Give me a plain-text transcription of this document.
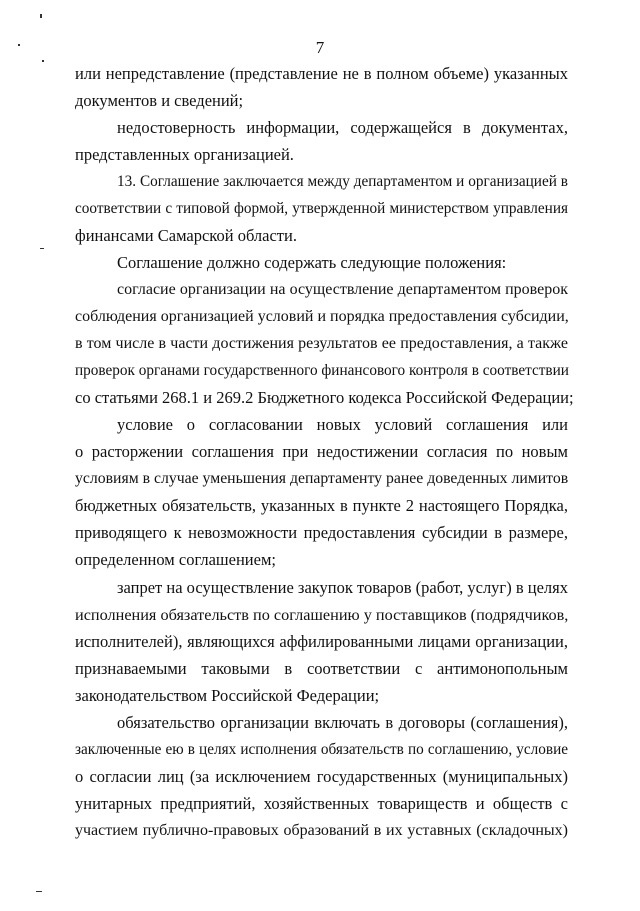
7
или непредставление (представление не в полном объеме) указанных
документов и сведений;
недостоверность информации, содержащейся в документах,
представленных организацией.
13. Соглашение заключается между департаментом и организацией в
соответствии с типовой формой, утвержденной министерством управления
финансами Самарской области.
Соглашение должно содержать следующие положения:
согласие организации на осуществление департаментом проверок
соблюдения организацией условий и порядка предоставления субсидии,
в том числе в части достижения результатов ее предоставления, а также
проверок органами государственного финансового контроля в соответствии
со статьями 268.1 и 269.2 Бюджетного кодекса Российской Федерации;
условие о согласовании новых условий соглашения или
о расторжении соглашения при недостижении согласия по новым
условиям в случае уменьшения департаменту ранее доведенных лимитов
бюджетных обязательств, указанных в пункте 2 настоящего Порядка,
приводящего к невозможности предоставления субсидии в размере,
определенном соглашением;
запрет на осуществление закупок товаров (работ, услуг) в целях
исполнения обязательств по соглашению у поставщиков (подрядчиков,
исполнителей), являющихся аффилированными лицами организации,
признаваемыми таковыми в соответствии с антимонопольным
законодательством Российской Федерации;
обязательство организации включать в договоры (соглашения),
заключенные ею в целях исполнения обязательств по соглашению, условие
о согласии лиц (за исключением государственных (муниципальных)
унитарных предприятий, хозяйственных товариществ и обществ с
участием публично-правовых образований в их уставных (складочных)
